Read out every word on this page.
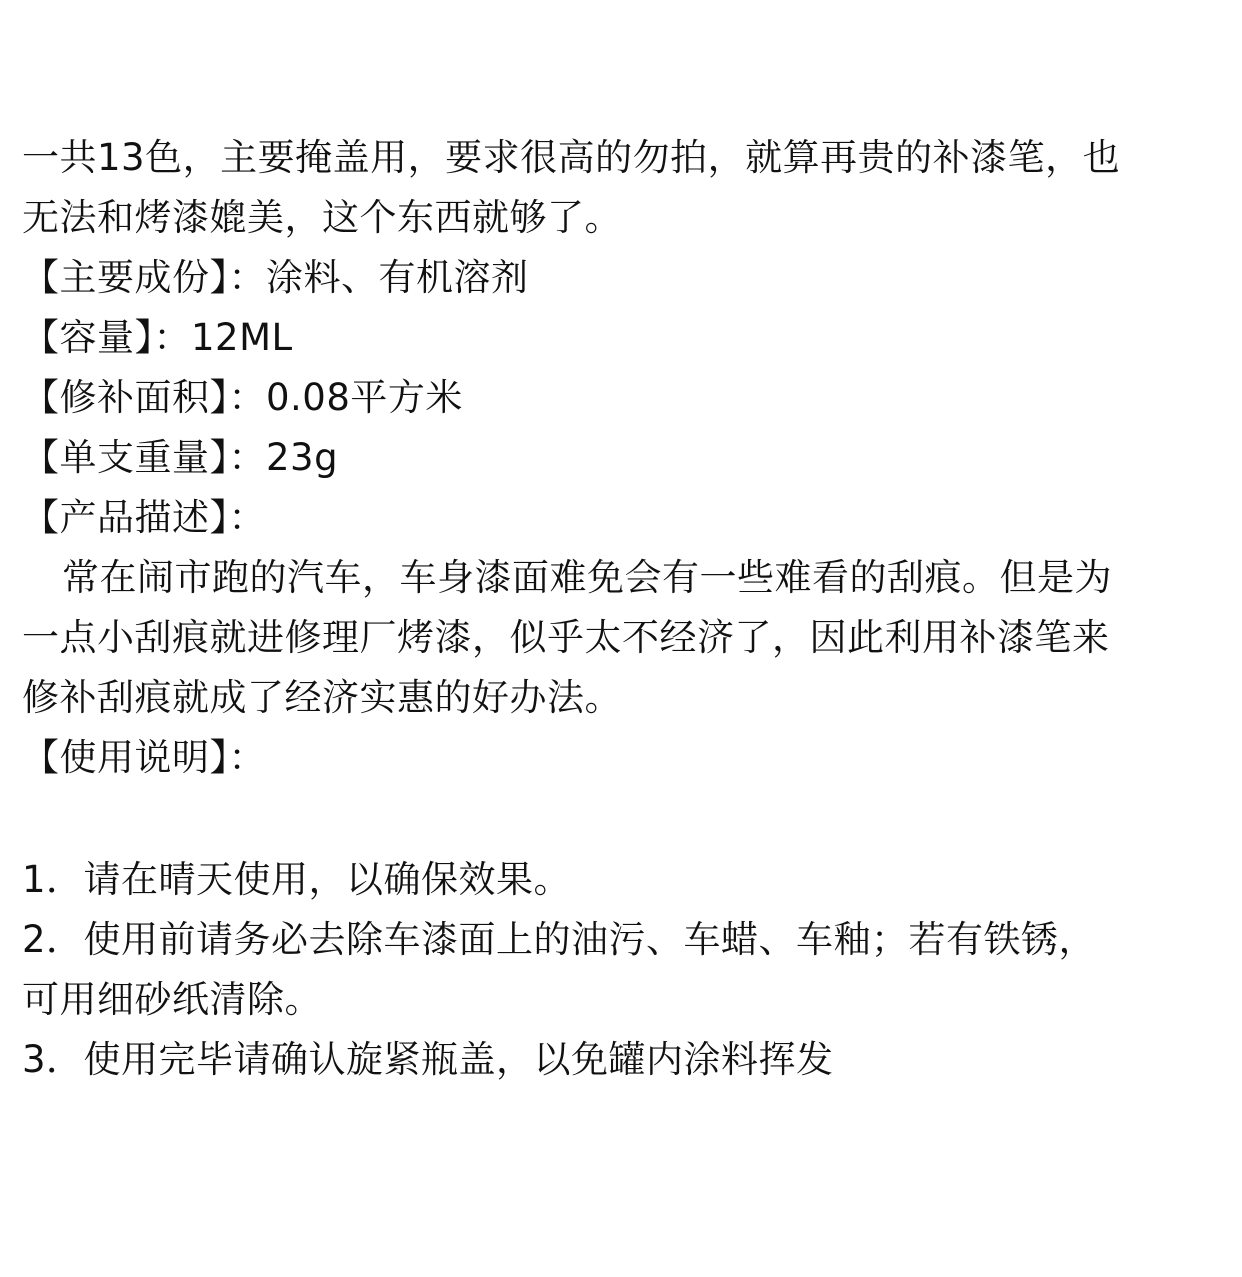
一共13色，主要掩盖用，要求很高的勿拍，就算再贵的补漆笔，也
无法和烤漆媲美，这个东西就够了。
【主要成份】：涂料、有机溶剂
【容量】：12ML
【修补面积】：0.08平方米
【单支重量】：23g
【产品描述】：
常在闹市跑的汽车，车身漆面难免会有一些难看的刮痕。但是为
一点小刮痕就进修理厂烤漆，似乎太不经济了，因此利用补漆笔来
修补刮痕就成了经济实惠的好办法。
【使用说明】：
1．请在晴天使用，以确保效果。
2．使用前请务必去除车漆面上的油污、车蜡、车釉；若有铁锈，
可用细砂纸清除。
3．使用完毕请确认旋紧瓶盖，以免罐内涂料挥发
